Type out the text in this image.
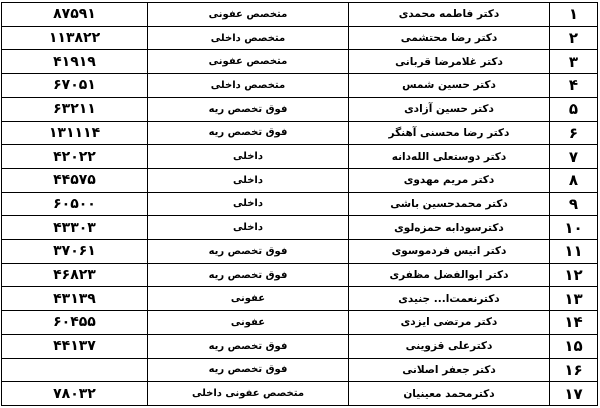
۱	دکتر فاطمه محمدی	متخصص عفونی	۸۷۵۹۱
۲	دکتر رضا محتشمی	متخصص داخلی	۱۱۳۸۲۲
۳	دکتر غلامرضا قربانی	متخصص عفونی	۴۱۹۱۹
۴	دکتر حسین شمس	متخصص داخلی	۶۷۰۵۱
۵	دکتر حسین آزادی	فوق تخصص ریه	۶۳۲۱۱
۶	دکتر رضا محسنی آهنگر	فوق تخصص ریه	۱۳۱۱۱۴
۷	دکتر دوستعلی الله‌دانه	داخلی	۴۲۰۲۲
۸	دکتر مریم مهدوی	داخلی	۴۴۵۷۵
۹	دکتر محمدحسین باشی	داخلی	۶۰۵۰۰
۱۰	دکترسودابه حمزه‌لوی	داخلی	۴۳۳۰۳
۱۱	دکتر انیس فردموسوی	فوق تخصص ریه	۳۷۰۶۱
۱۲	دکتر ابوالفضل مظفری	فوق تخصص ریه	۴۶۸۲۳
۱۳	دکترنعمت‌ا... جنیدی	عفونی	۴۳۱۳۹
۱۴	دکتر مرتضی ایزدی	عفونی	۶۰۴۵۵
۱۵	دکترعلی قزوینی	فوق تخصص ریه	۴۴۱۳۷
۱۶	دکتر جعفر اصلانی	فوق تخصص ریه	
۱۷	دکترمحمد معینیان	متخصص عفونی داخلی	۷۸۰۳۲
